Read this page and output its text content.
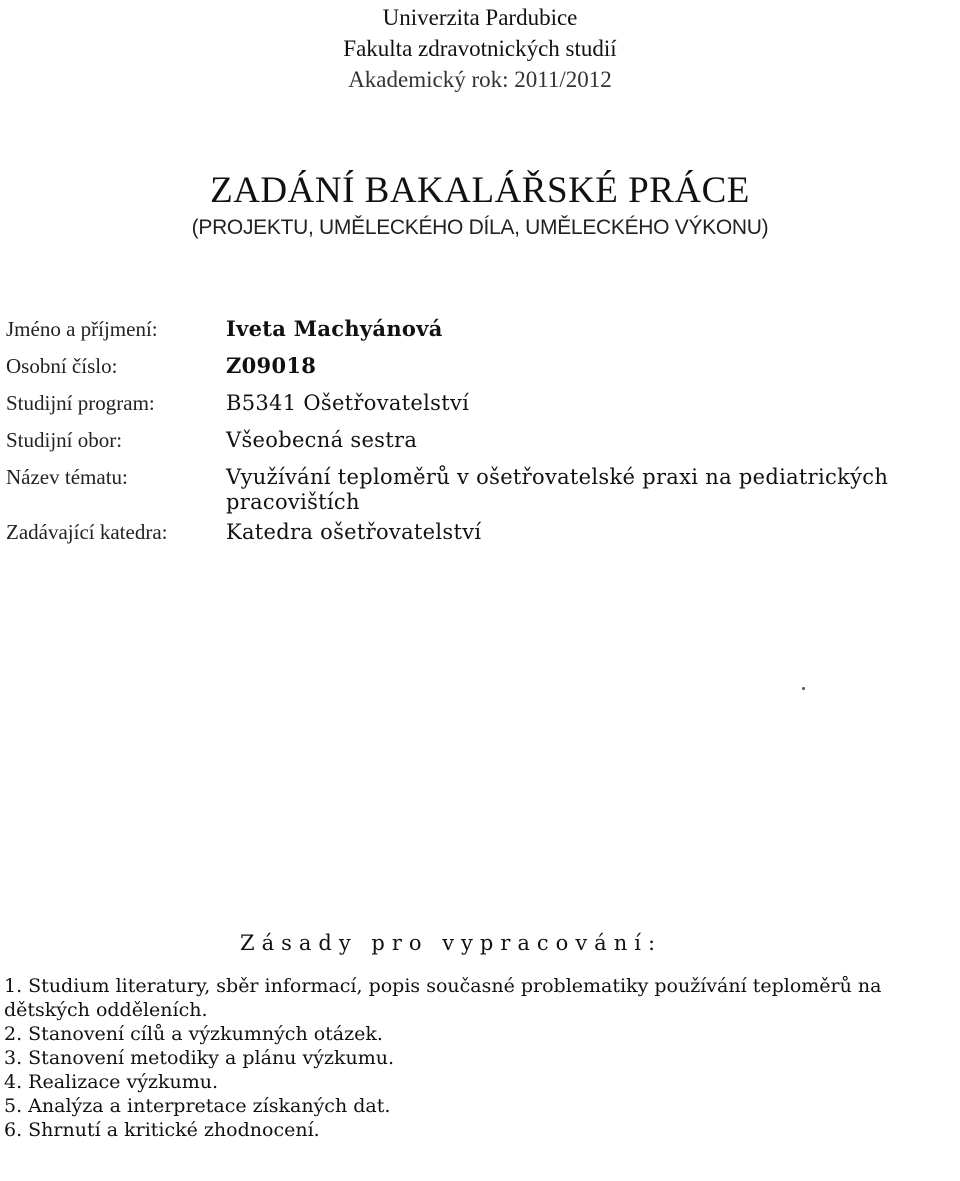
Univerzita Pardubice
Fakulta zdravotnických studií
Akademický rok: 2011/2012
ZADÁNÍ BAKALÁŘSKÉ PRÁCE
(PROJEKTU, UMĚLECKÉHO DÍLA, UMĚLECKÉHO VÝKONU)
Jméno a příjmení:	Iveta Machyánová
Osobní číslo:	Z09018
Studijní program:	B5341 Ošetřovatelství
Studijní obor:	Všeobecná sestra
Název tématu:	Využívání teploměrů v ošetřovatelské praxi na pediatrických
pracovištích
Zadávající katedra:	Katedra ošetřovatelství
Zásady pro vypracování:
1. Studium literatury, sběr informací, popis současné problematiky používání teploměrů na
dětských odděleních.
2. Stanovení cílů a výzkumných otázek.
3. Stanovení metodiky a plánu výzkumu.
4. Realizace výzkumu.
5. Analýza a interpretace získaných dat.
6. Shrnutí a kritické zhodnocení.
